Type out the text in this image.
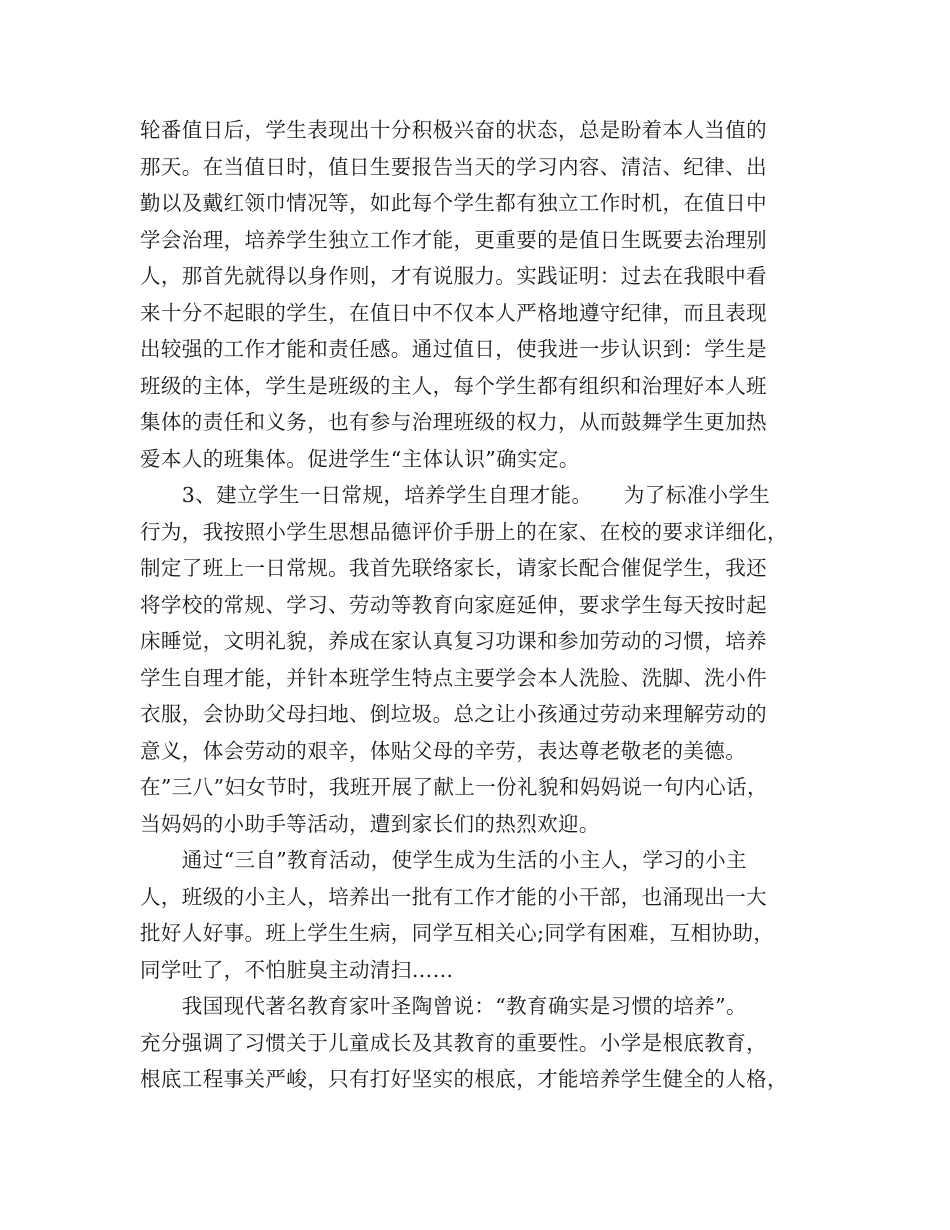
轮番值日后，学生表现出十分积极兴奋的状态，总是盼着本人当值的
那天。在当值日时，值日生要报告当天的学习内容、清洁、纪律、出
勤以及戴红领巾情况等，如此每个学生都有独立工作时机，在值日中
学会治理，培养学生独立工作才能，更重要的是值日生既要去治理别
人，那首先就得以身作则，才有说服力。实践证明：过去在我眼中看
来十分不起眼的学生，在值日中不仅本人严格地遵守纪律，而且表现
出较强的工作才能和责任感。通过值日，使我进一步认识到：学生是
班级的主体，学生是班级的主人，每个学生都有组织和治理好本人班
集体的责任和义务，也有参与治理班级的权力，从而鼓舞学生更加热
爱本人的班集体。促进学生“主体认识”确实定。
　　3、建立学生一日常规，培养学生自理才能。　　为了标准小学生
行为，我按照小学生思想品德评价手册上的在家、在校的要求详细化，
制定了班上一日常规。我首先联络家长，请家长配合催促学生，我还
将学校的常规、学习、劳动等教育向家庭延伸，要求学生每天按时起
床睡觉，文明礼貌，养成在家认真复习功课和参加劳动的习惯，培养
学生自理才能，并针本班学生特点主要学会本人洗脸、洗脚、洗小件
衣服，会协助父母扫地、倒垃圾。总之让小孩通过劳动来理解劳动的
意义，体会劳动的艰辛，体贴父母的辛劳，表达尊老敬老的美德。
在”三八”妇女节时，我班开展了献上一份礼貌和妈妈说一句内心话，
当妈妈的小助手等活动，遭到家长们的热烈欢迎。
　　通过“三自”教育活动，使学生成为生活的小主人，学习的小主
人，班级的小主人，培养出一批有工作才能的小干部，也涌现出一大
批好人好事。班上学生生病，同学互相关心;同学有困难，互相协助，
同学吐了，不怕脏臭主动清扫……
　　我国现代著名教育家叶圣陶曾说：“教育确实是习惯的培养”。
充分强调了习惯关于儿童成长及其教育的重要性。小学是根底教育，
根底工程事关严峻，只有打好坚实的根底，才能培养学生健全的人格，
